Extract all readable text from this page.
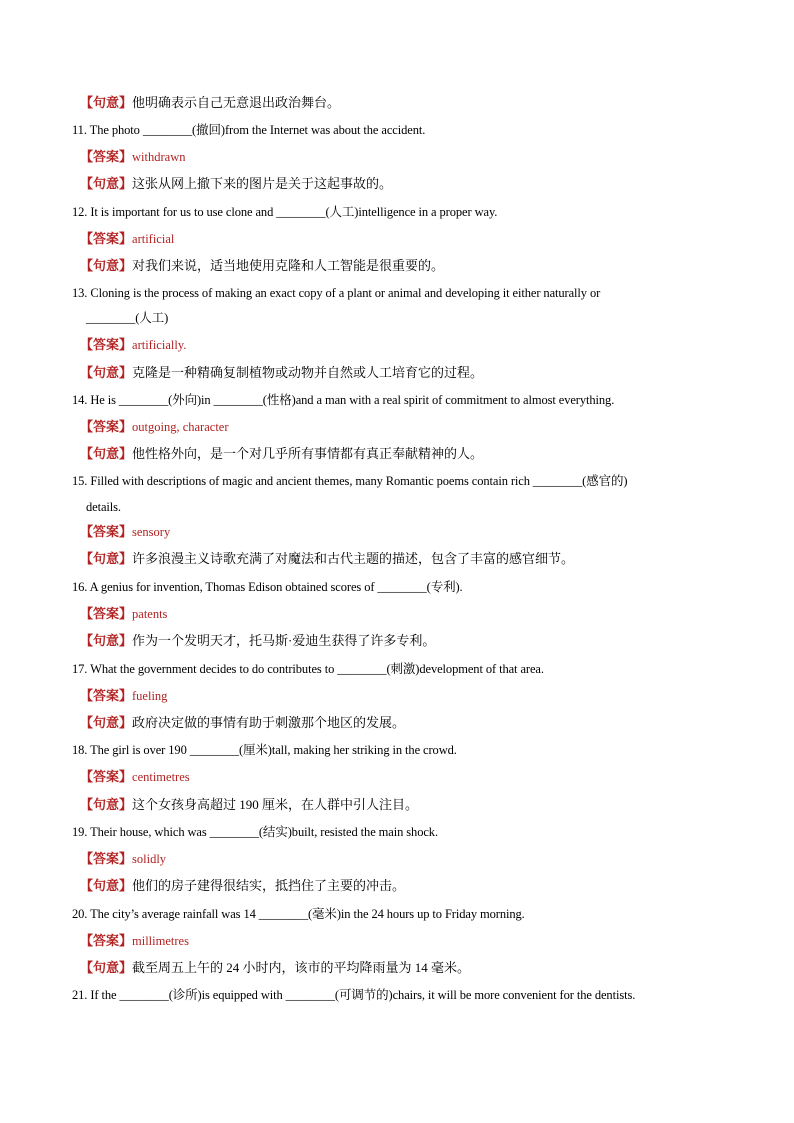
【句意】他明确表示自己无意退出政治舞台。
11. The photo ________(撤回)from the Internet was about the accident.
【答案】withdrawn
【句意】这张从网上撤下来的图片是关于这起事故的。
12. It is important for us to use clone and ________(人工)intelligence in a proper way.
【答案】artificial
【句意】对我们来说，适当地使用克隆和人工智能是很重要的。
13. Cloning is the process of making an exact copy of a plant or animal and developing it either naturally or
________(人工)
【答案】artificially.
【句意】克隆是一种精确复制植物或动物并自然或人工培育它的过程。
14. He is ________(外向)in ________(性格)and a man with a real spirit of commitment to almost everything.
【答案】outgoing, character
【句意】他性格外向，是一个对几乎所有事情都有真正奉献精神的人。
15. Filled with descriptions of magic and ancient themes, many Romantic poems contain rich ________(感官的)
details.
【答案】sensory
【句意】许多浪漫主义诗歌充满了对魔法和古代主题的描述，包含了丰富的感官细节。
16. A genius for invention, Thomas Edison obtained scores of ________(专利).
【答案】patents
【句意】作为一个发明天才，托马斯·爱迪生获得了许多专利。
17. What the government decides to do contributes to ________(刺激)development of that area.
【答案】fueling
【句意】政府决定做的事情有助于刺激那个地区的发展。
18. The girl is over 190 ________(厘米)tall, making her striking in the crowd.
【答案】centimetres
【句意】这个女孩身高超过 190 厘米，在人群中引人注目。
19. Their house, which was ________(结实)built, resisted the main shock.
【答案】solidly
【句意】他们的房子建得很结实，抵挡住了主要的冲击。
20. The city’s average rainfall was 14 ________(毫米)in the 24 hours up to Friday morning.
【答案】millimetres
【句意】截至周五上午的 24 小时内，该市的平均降雨量为 14 毫米。
21. If the ________(诊所)is equipped with ________(可调节的)chairs, it will be more convenient for the dentists.
